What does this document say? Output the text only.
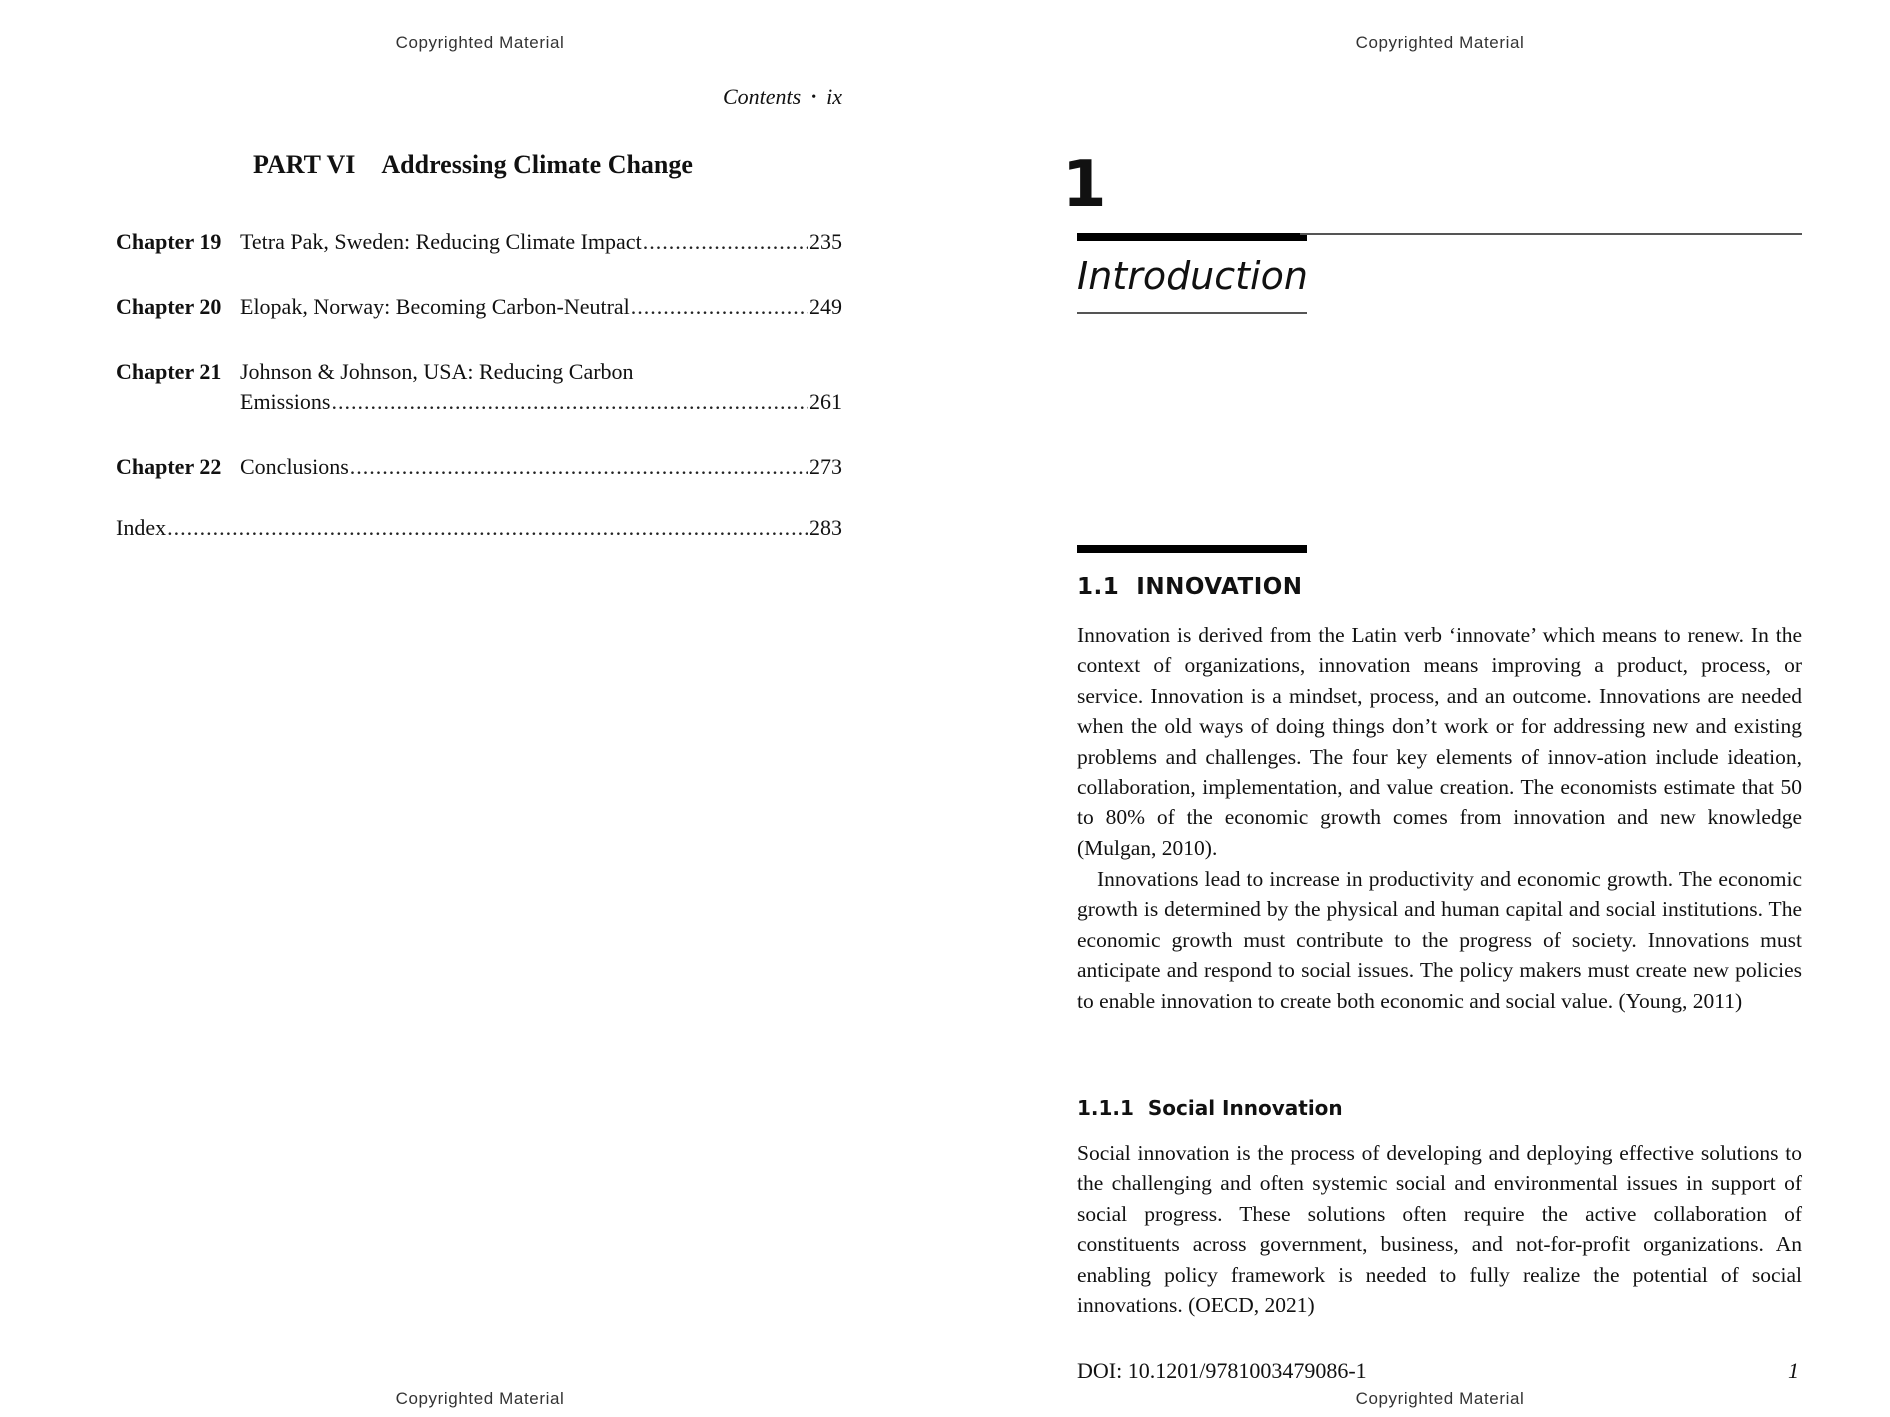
Copyrighted Material
Contents • ix
PART VI Addressing Climate Change
Chapter 19 Tetra Pak, Sweden: Reducing Climate Impact .....	235
Chapter 20 Elopak, Norway: Becoming Carbon-Neutral .....	249
Chapter 21 Johnson & Johnson, USA: Reducing Carbon
Emissions .....	261
Chapter 22 Conclusions .....	273
Index .....	283
Copyrighted Material
Copyrighted Material
1
Introduction
1.1 INNOVATION

Innovation is derived from the Latin verb ‘innovate’ which means to renew. In the context of organizations, innovation means improving a product, process, or service. Innovation is a mindset, process, and an outcome. Innovations are needed when the old ways of doing things don’t work or for addressing new and existing problems and challenges. The four key elements of innov-ation include ideation, collaboration, implementation, and value creation. The economists estimate that 50 to 80% of the economic growth comes from innovation and new knowledge (Mulgan, 2010).

Innovations lead to increase in productivity and economic growth. The economic growth is determined by the physical and human capital and social institutions. The economic growth must contribute to the progress of society. Innovations must anticipate and respond to social issues. The policy makers must create new policies to enable innovation to create both economic and social value. (Young, 2011)

1.1.1 Social Innovation

Social innovation is the process of developing and deploying effective solutions to the challenging and often systemic social and environmental issues in support of social progress. These solutions often require the active collaboration of constituents across government, business, and not-for-profit organizations. An enabling policy framework is needed to fully realize the potential of social innovations. (OECD, 2021)

DOI: 10.1201/9781003479086-1	1
Copyrighted Material
